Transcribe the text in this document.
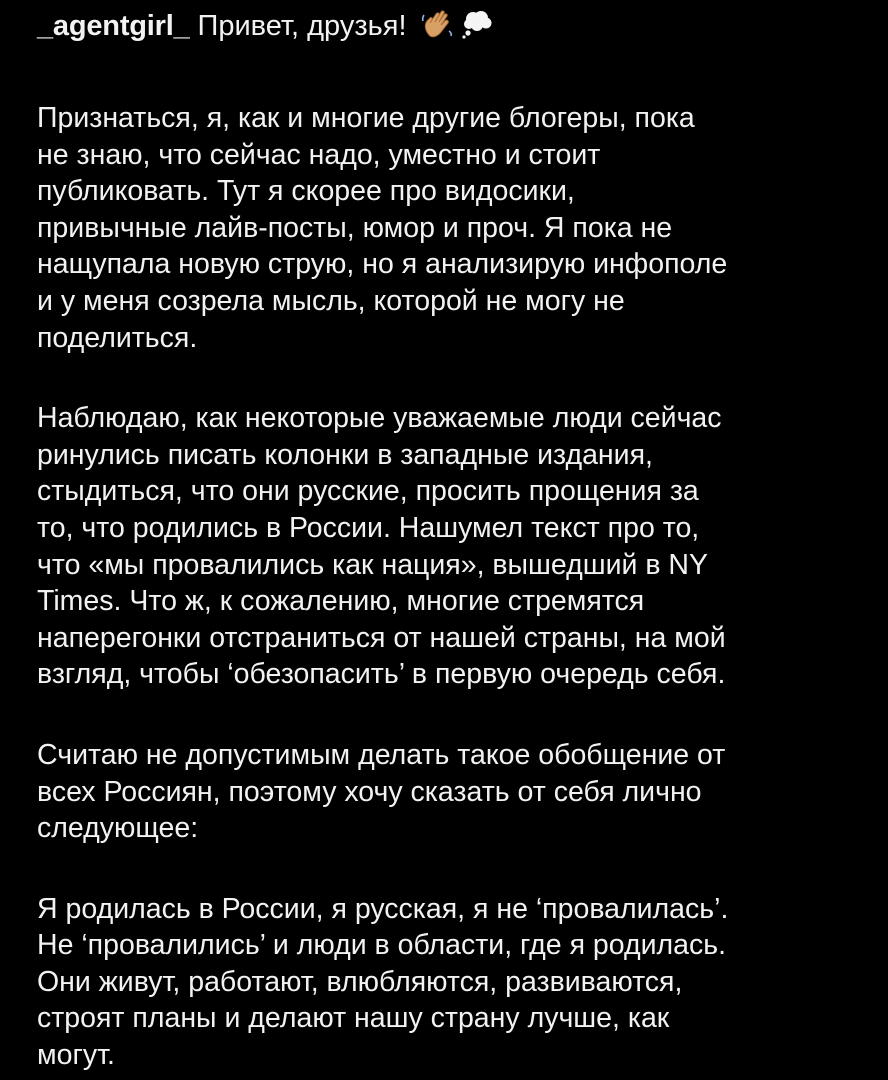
_agentgirl_ Привет, друзья!
Признаться, я, как и многие другие блогеры, пока
не знаю, что сейчас надо, уместно и стоит
публиковать. Тут я скорее про видосики,
привычные лайв-посты, юмор и проч. Я пока не
нащупала новую струю, но я анализирую инфополе
и у меня созрела мысль, которой не могу не
поделиться.
Наблюдаю, как некоторые уважаемые люди сейчас
ринулись писать колонки в западные издания,
стыдиться, что они русские, просить прощения за
то, что родились в России. Нашумел текст про то,
что «мы провалились как нация», вышедший в NY
Times. Что ж, к сожалению, многие стремятся
наперегонки отстраниться от нашей страны, на мой
взгляд, чтобы ‘обезопасить’ в первую очередь себя.
Считаю не допустимым делать такое обобщение от
всех Россиян, поэтому хочу сказать от себя лично
следующее:
Я родилась в России, я русская, я не ‘провалилась’.
Не ‘провалились’ и люди в области, где я родилась.
Они живут, работают, влюбляются, развиваются,
строят планы и делают нашу страну лучше, как
могут.
